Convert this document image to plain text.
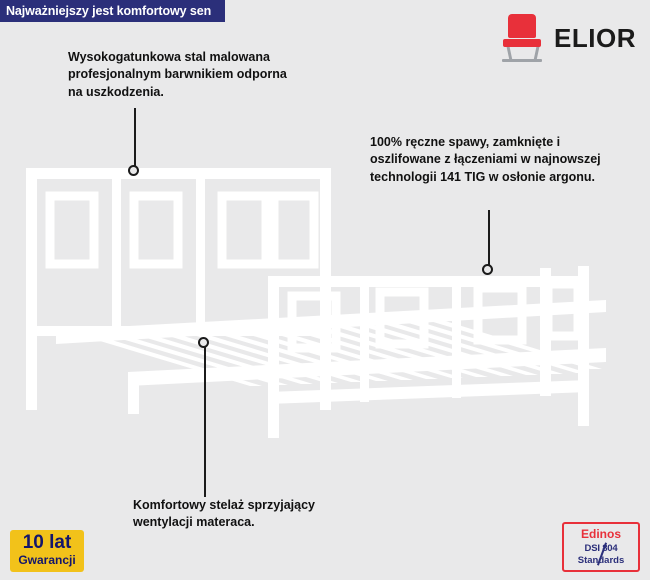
Najważniejszy jest komfortowy sen
ELIOR
Wysokogatunkowa stal malowana profesjonalnym barwnikiem odporna na uszkodzenia.
100% ręczne spawy, zamknięte i oszlifowane z łączeniami w najnowszej technologii 141 TIG w osłonie argonu.
Komfortowy stelaż sprzyjający wentylacji materaca.
10 lat
Gwarancji
Edinos
DSI 804
Standards
